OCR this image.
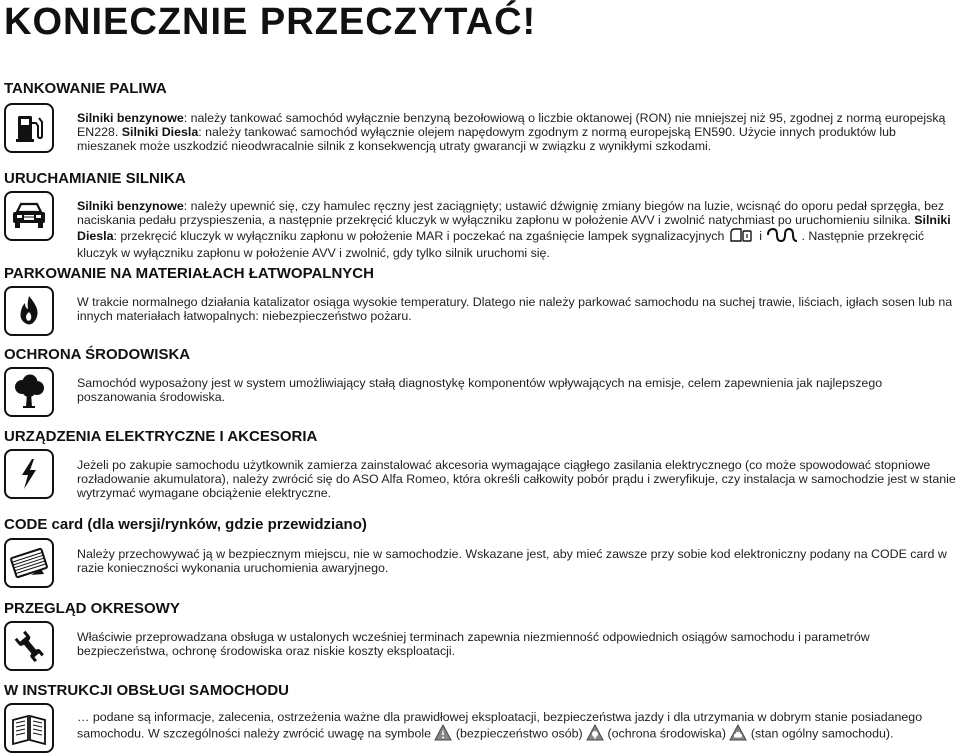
KONIECZNIE PRZECZYTAĆ!
TANKOWANIE PALIWA

Silniki benzynowe: należy tankować samochód wyłącznie benzyną bezołowiową o liczbie oktanowej (RON) nie mniejszej niż 95, zgodnej z normą europejską EN228. Silniki Diesla: należy tankować samochód wyłącznie olejem napędowym zgodnym z normą europejską EN590. Użycie innych produktów lub mieszanek może uszkodzić nieodwracalnie silnik z konsekwencją utraty gwarancji w związku z wynikłymi szkodami.

URUCHAMIANIE SILNIKA

Silniki benzynowe: należy upewnić się, czy hamulec ręczny jest zaciągnięty; ustawić dźwignię zmiany biegów na luzie, wcisnąć do oporu pedał sprzęgła, bez naciskania pedału przyspieszenia, a następnie przekręcić kluczyk w wyłączniku zapłonu w położenie AVV i zwolnić natychmiast po uruchomieniu silnika. Silniki Diesla: przekręcić kluczyk w wyłączniku zapłonu w położenie MAR i poczekać na zgaśnięcie lampek sygnalizacyjnych  i	. Następnie przekręcić kluczyk w wyłączniku zapłonu w położenie AVV i zwolnić, gdy tylko silnik uruchomi się.

PARKOWANIE NA MATERIAŁACH ŁATWOPALNYCH

W trakcie normalnego działania katalizator osiąga wysokie temperatury. Dlatego nie należy parkować samochodu na suchej trawie, liściach, igłach sosen lub na innych materiałach łatwopalnych: niebezpieczeństwo pożaru.

OCHRONA ŚRODOWISKA

Samochód wyposażony jest w system umożliwiający stałą diagnostykę komponentów wpływających na emisje, celem zapewnienia jak najlepszego poszanowania środowiska.

URZĄDZENIA ELEKTRYCZNE I AKCESORIA

Jeżeli po zakupie samochodu użytkownik zamierza zainstalować akcesoria wymagające ciągłego zasilania elektrycznego (co może spowodować stopniowe rozładowanie akumulatora), należy zwrócić się do ASO Alfa Romeo, która określi całkowity pobór prądu i zweryfikuje, czy instalacja w samochodzie jest w stanie wytrzymać wymagane obciążenie elektryczne.

CODE card (dla wersji/rynków, gdzie przewidziano)

Należy przechowywać ją w bezpiecznym miejscu, nie w samochodzie. Wskazane jest, aby mieć zawsze przy sobie kod elektroniczny podany na CODE card w razie konieczności wykonania uruchomienia awaryjnego.

PRZEGLĄD OKRESOWY

Właściwie przeprowadzana obsługa w ustalonych wcześniej terminach zapewnia niezmienność odpowiednich osiągów samochodu i parametrów bezpieczeństwa, ochronę środowiska oraz niskie koszty eksploatacji.

W INSTRUKCJI OBSŁUGI SAMOCHODU

… podane są informacje, zalecenia, ostrzeżenia ważne dla prawidłowej eksploatacji, bezpieczeństwa jazdy i dla utrzymania w dobrym stanie posiadanego samochodu. W szczególności należy zwrócić uwagę na symbole  (bezpieczeństwo osób)  (ochrona środowiska)  (stan ogólny samochodu).
